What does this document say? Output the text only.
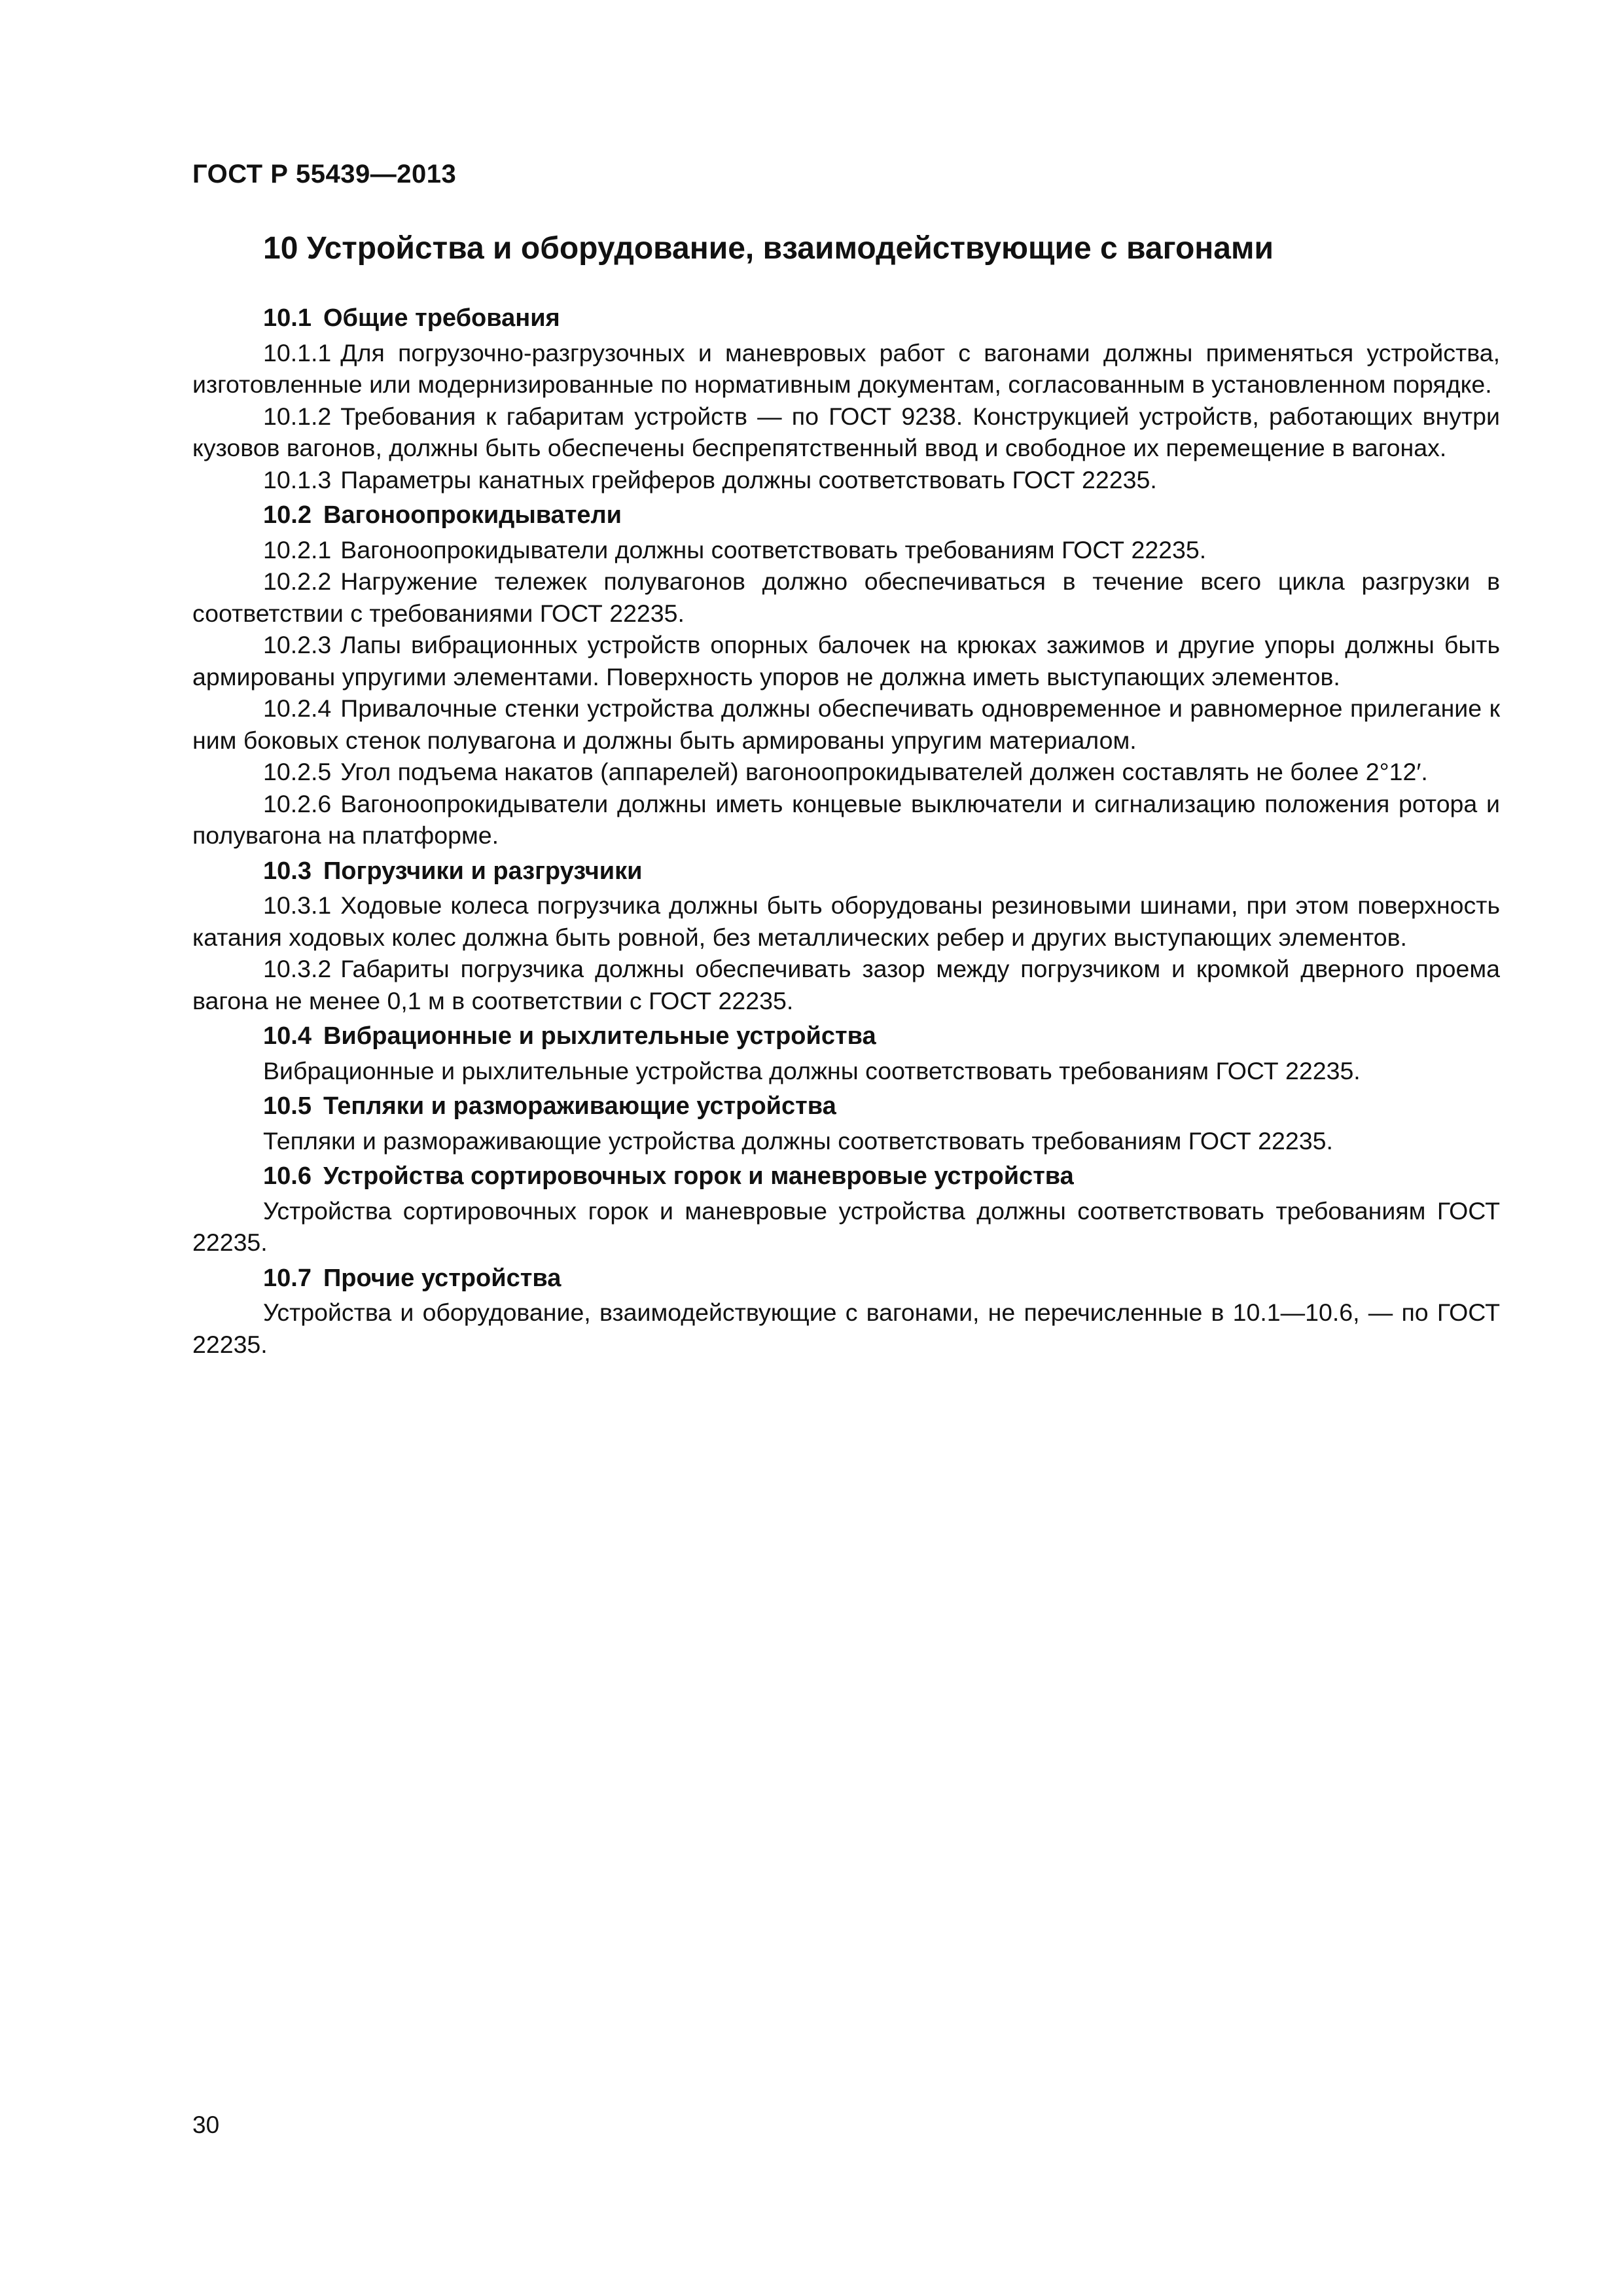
ГОСТ Р 55439—2013
10 Устройства и оборудование, взаимодействующие с вагонами
10.1 Общие требования

10.1.1 Для погрузочно-разгрузочных и маневровых работ с вагонами должны применяться устройства, изготовленные или модернизированные по нормативным документам, согласованным в установленном порядке.

10.1.2 Требования к габаритам устройств — по ГОСТ 9238. Конструкцией устройств, работающих внутри кузовов вагонов, должны быть обеспечены беспрепятственный ввод и свободное их перемещение в вагонах.

10.1.3 Параметры канатных грейферов должны соответствовать ГОСТ 22235.

10.2 Вагоноопрокидыватели

10.2.1 Вагоноопрокидыватели должны соответствовать требованиям ГОСТ 22235.

10.2.2 Нагружение тележек полувагонов должно обеспечиваться в течение всего цикла разгрузки в соответствии с требованиями ГОСТ 22235.

10.2.3 Лапы вибрационных устройств опорных балочек на крюках зажимов и другие упоры должны быть армированы упругими элементами. Поверхность упоров не должна иметь выступающих элементов.

10.2.4 Привалочные стенки устройства должны обеспечивать одновременное и равномерное прилегание к ним боковых стенок полувагона и должны быть армированы упругим материалом.

10.2.5 Угол подъема накатов (аппарелей) вагоноопрокидывателей должен составлять не более 2°12′.

10.2.6 Вагоноопрокидыватели должны иметь концевые выключатели и сигнализацию положения ротора и полувагона на платформе.

10.3 Погрузчики и разгрузчики

10.3.1 Ходовые колеса погрузчика должны быть оборудованы резиновыми шинами, при этом поверхность катания ходовых колес должна быть ровной, без металлических ребер и других выступающих элементов.

10.3.2 Габариты погрузчика должны обеспечивать зазор между погрузчиком и кромкой дверного проема вагона не менее 0,1 м в соответствии с ГОСТ 22235.

10.4 Вибрационные и рыхлительные устройства

Вибрационные и рыхлительные устройства должны соответствовать требованиям ГОСТ 22235.

10.5 Тепляки и размораживающие устройства

Тепляки и размораживающие устройства должны соответствовать требованиям ГОСТ 22235.

10.6 Устройства сортировочных горок и маневровые устройства

Устройства сортировочных горок и маневровые устройства должны соответствовать требованиям ГОСТ 22235.

10.7 Прочие устройства

Устройства и оборудование, взаимодействующие с вагонами, не перечисленные в 10.1—10.6, — по ГОСТ 22235.

30
